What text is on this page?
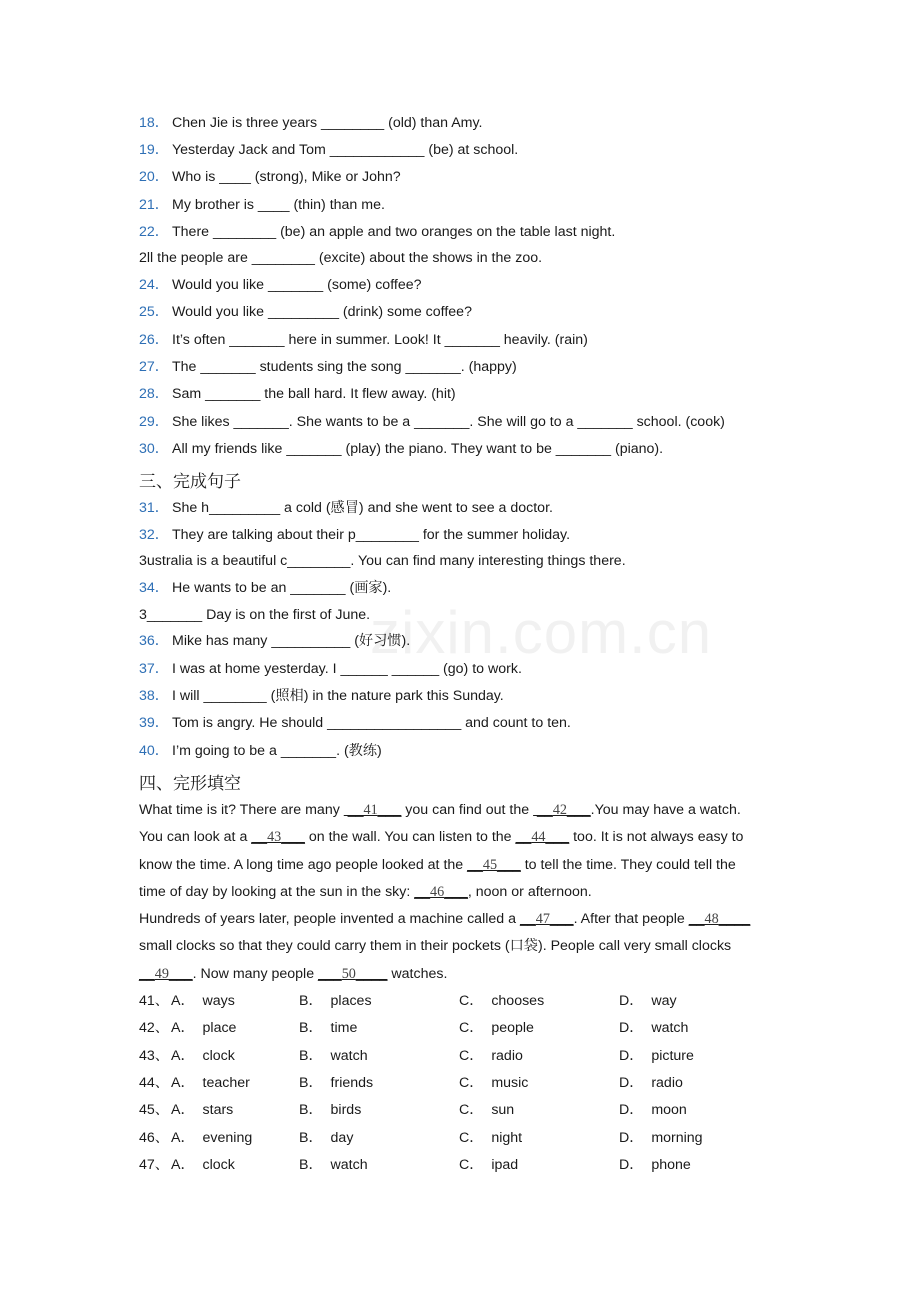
zixin.com.cn
18． Chen Jie is three years ________ (old) than Amy.
19． Yesterday Jack and Tom ____________ (be) at school.
20． Who is ____ (strong), Mike or John?
21． My brother is ____ (thin) than me.
22． There ________ (be) an apple and two oranges on the table last night.
2ll the people are ________ (excite) about the shows in the zoo.
24． Would you like _______ (some) coffee?
25． Would you like _________ (drink) some coffee?
26． It’s often _______ here in summer. Look! It _______ heavily. (rain)
27． The _______ students sing the song _______. (happy)
28． Sam _______ the ball hard. It flew away. (hit)
29． She likes _______. She wants to be a _______. She will go to a _______ school. (cook)
30． All my friends like _______ (play) the piano. They want to be _______ (piano).
三、完成句子
31． She h_________ a cold (感冒) and she went to see a doctor.
32． They are talking about their p________ for the summer holiday.
3ustralia is a beautiful c________. You can find many interesting things there.
34． He wants to be an _______ (画家).
3_______ Day is on the first of June.
36． Mike has many __________ (好习惯).
37． I was at home yesterday. I ______ ______ (go) to work.
38． I will ________ (照相) in the nature park this Sunday.
39． Tom is angry. He should _________________ and count to ten.
40． I’m going to be a _______. (教练)
四、完形填空
What time is it? There are many  __41___ you can find out the  __42___.You may have a watch.
You can look at a __43___ on the wall. You can listen to the __44___ too. It is not always easy to
know the time. A long time ago people looked at the __45___ to tell the time. They could tell the
time of day by looking at the sun in the sky: __46___, noon or afternoon.
Hundreds of years later, people invented a machine called a __47___. After that people __48____
small clocks so that they could carry them in their pockets (口袋). People call very small clocks
__49___. Now many people ___50____ watches.
41、 A．  ways	B．  places	C．  chooses	D．  way
42、 A．  place	B．  time	C．  people	D．  watch
43、 A．  clock	B．  watch	C．  radio	D．  picture
44、 A．  teacher	B．  friends	C．  music	D．  radio
45、 A．  stars	B．  birds	C．  sun	D．  moon
46、 A．  evening	B．  day	C．  night	D．  morning
47、 A．  clock	B．  watch	C．  ipad	D．  phone
